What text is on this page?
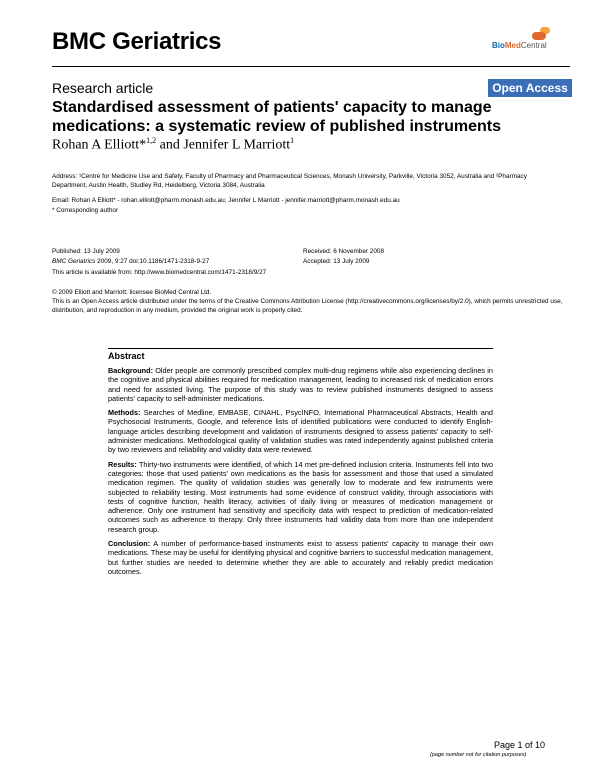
BMC Geriatrics	BioMedCentral
Research article	Open Access
Standardised assessment of patients' capacity to manage medications: a systematic review of published instruments
Rohan A Elliott*$^{1,2}$ and Jennifer L Marriott$^1$
Address: ¹Centre for Medicine Use and Safety, Faculty of Pharmacy and Pharmaceutical Sciences, Monash University, Parkville, Victoria 3052, Australia and ²Pharmacy Department, Austin Health, Studley Rd, Heidelberg, Victoria 3084, Australia
Email: Rohan A Elliott* - rohan.elliott@pharm.monash.edu.au; Jennifer L Marriott - jennifer.marriott@pharm.monash.edu.au
* Corresponding author
Published: 13 July 2009	Received: 6 November 2008
BMC Geriatrics 2009, 9:27 doi:10.1186/1471-2318-9-27	Accepted: 13 July 2009
This article is available from: http://www.biomedcentral.com/1471-2318/9/27
© 2009 Elliott and Marriott; licensee BioMed Central Ltd.
This is an Open Access article distributed under the terms of the Creative Commons Attribution License (http://creativecommons.org/licenses/by/2.0), which permits unrestricted use, distribution, and reproduction in any medium, provided the original work is properly cited.
Abstract
Background: Older people are commonly prescribed complex multi-drug regimens while also experiencing declines in the cognitive and physical abilities required for medication management, leading to increased risk of medication errors and need for assisted living. The purpose of this study was to review published instruments designed to assess patients' capacity to self-administer medications.
Methods: Searches of Medline, EMBASE, CINAHL, PsycINFO, International Pharmaceutical Abstracts, Health and Psychosocial Instruments, Google, and reference lists of identified publications were conducted to identify English-language articles describing development and validation of instruments designed to assess patients' capacity to self-administer medications. Methodological quality of validation studies was rated independently against published criteria by two reviewers and reliability and validity data were reviewed.
Results: Thirty-two instruments were identified, of which 14 met pre-defined inclusion criteria. Instruments fell into two categories: those that used patients' own medications as the basis for assessment and those that used a simulated medication regimen. The quality of validation studies was generally low to moderate and few instruments were subjected to reliability testing. Most instruments had some evidence of construct validity, through associations with tests of cognitive function, health literacy, activities of daily living or measures of medication management or adherence. Only one instrument had sensitivity and specificity data with respect to prediction of medication-related outcomes such as adherence to therapy. Only three instruments had validity data from more than one independent research group.
Conclusion: A number of performance-based instruments exist to assess patients' capacity to manage their own medications. These may be useful for identifying physical and cognitive barriers to successful medication management, but further studies are needed to determine whether they are able to accurately and reliably predict medication outcomes.
Page 1 of 10
(page number not for citation purposes)
